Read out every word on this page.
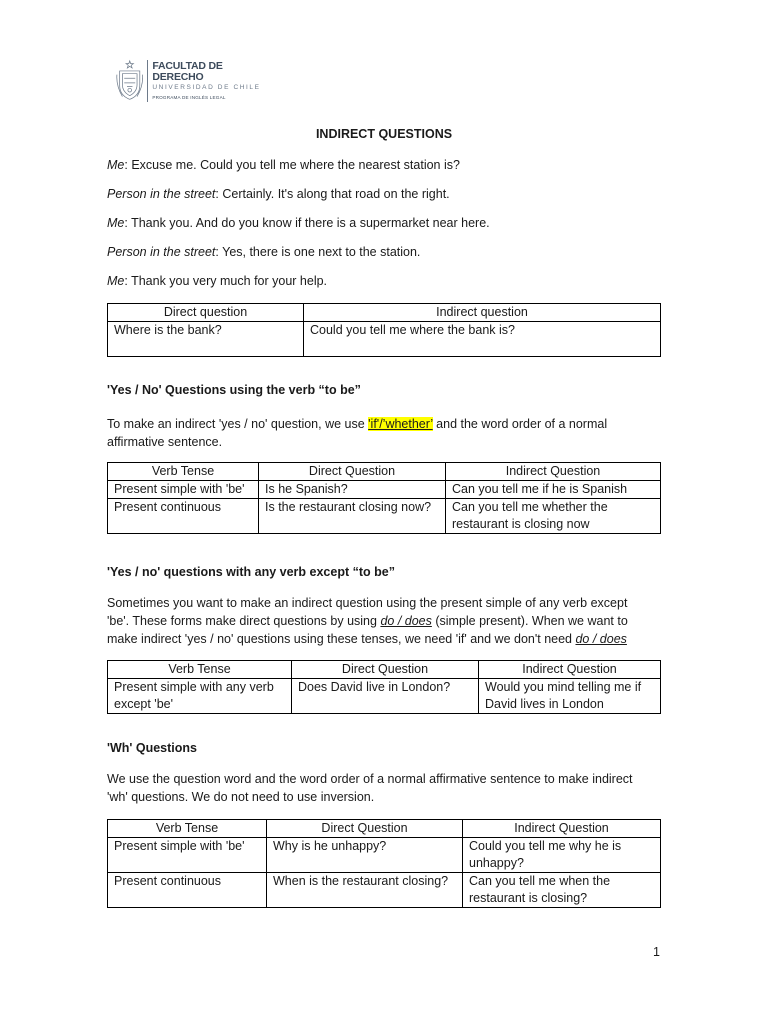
FACULTAD DE DERECHO
UNIVERSIDAD DE CHILE
PROGRAMA DE INGLÉS LEGAL
INDIRECT QUESTIONS

Me: Excuse me. Could you tell me where the nearest station is?

Person in the street: Certainly. It's along that road on the right.

Me: Thank you. And do you know if there is a supermarket near here.

Person in the street: Yes, there is one next to the station.

Me: Thank you very much for your help.

Direct question	Indirect question
Where is the bank?	Could you tell me where the bank is?

'Yes / No' Questions using the verb “to be”

To make an indirect 'yes / no' question, we use 'if'/’whether’ and the word order of a normal affirmative sentence.

Verb Tense	Direct Question	Indirect Question
Present simple with 'be'	Is he Spanish?	Can you tell me if he is Spanish
Present continuous	Is the restaurant closing now?	Can you tell me whether the restaurant is closing now

'Yes / no' questions with any verb except “to be”

Sometimes you want to make an indirect question using the present simple of any verb except 'be'. These forms make direct questions by using do / does (simple present). When we want to make indirect 'yes / no' questions using these tenses, we need 'if' and we don't need do / does

Verb Tense	Direct Question	Indirect Question
Present simple with any verb except 'be'	Does David live in London?	Would you mind telling me if David lives in London

'Wh' Questions

We use the question word and the word order of a normal affirmative sentence to make indirect 'wh' questions. We do not need to use inversion.

Verb Tense	Direct Question	Indirect Question
Present simple with 'be'	Why is he unhappy?	Could you tell me why he is unhappy?
Present continuous	When is the restaurant closing?	Can you tell me when the restaurant is closing?
1
